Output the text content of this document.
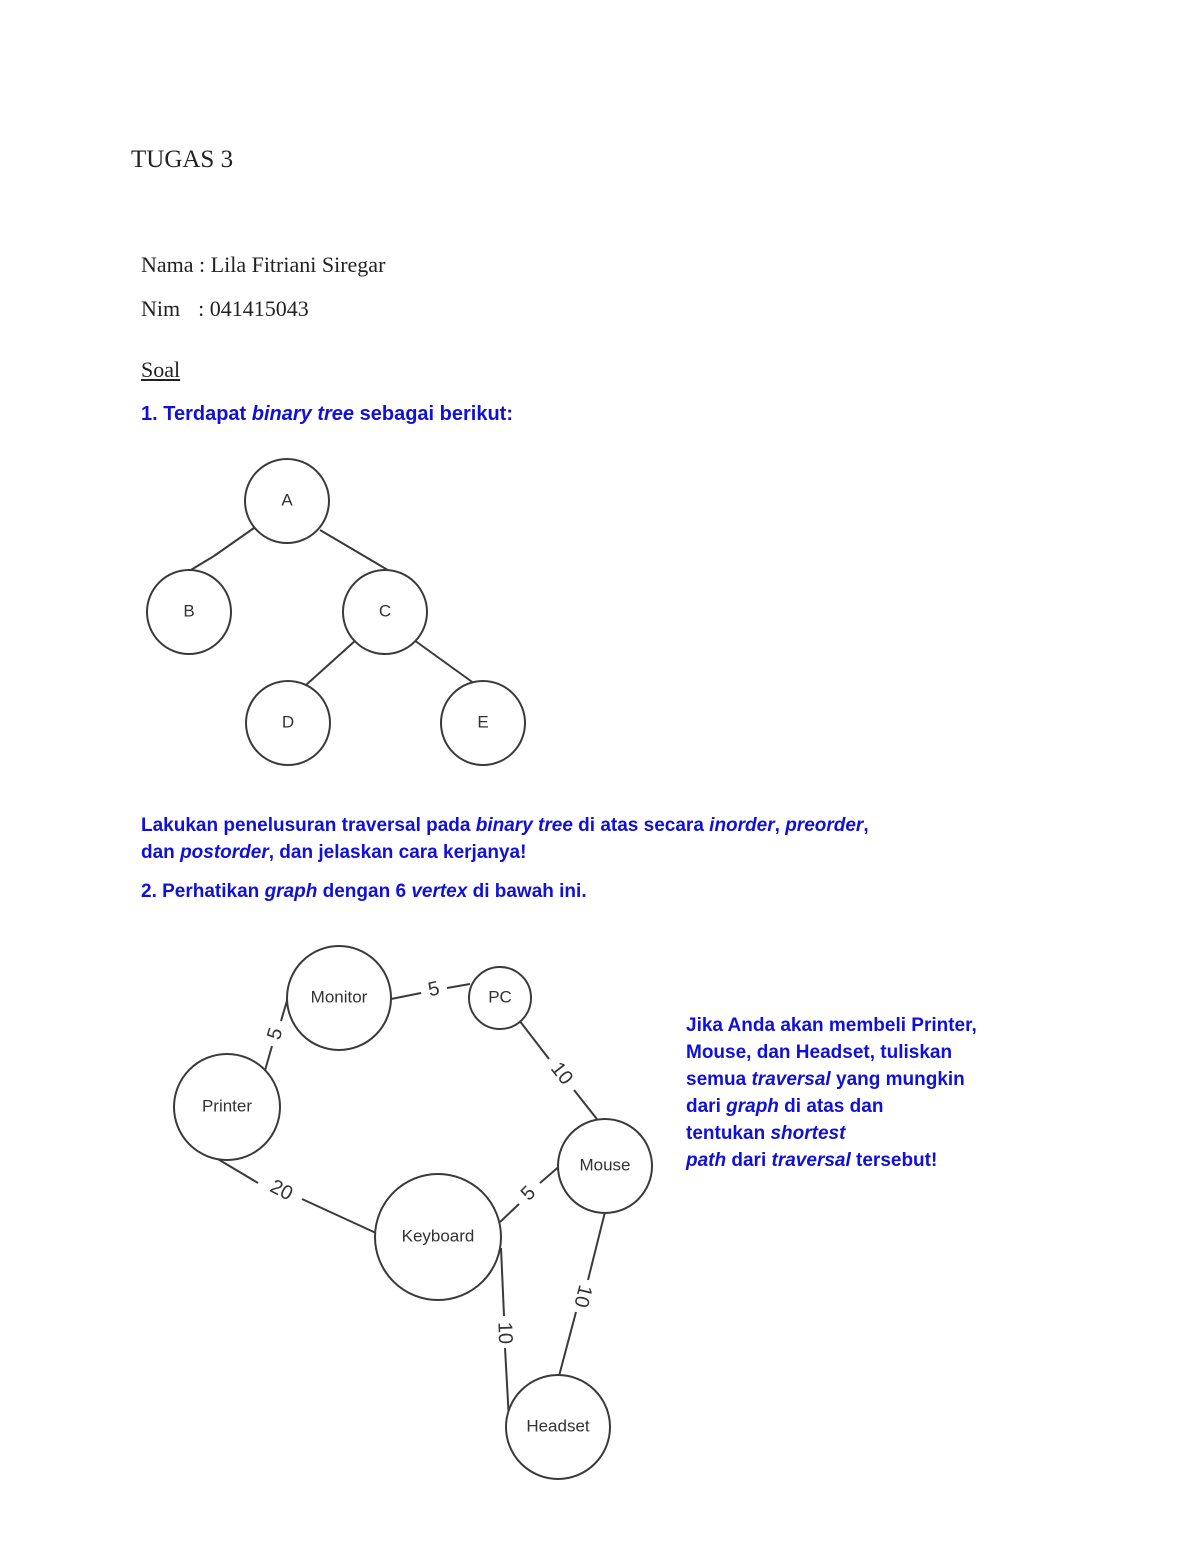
TUGAS 3
Nama : Lila Fitriani Siregar
Nim : 041415043
Soal
1. Terdapat binary tree sebagai berikut:
A
B	C
D	E
5
5
10
20	5
10
10
Monitor	PC
Printer
Mouse
Keyboard
Headset
Lakukan penelusuran traversal pada binary tree di atas secara inorder, preorder,
dan postorder, dan jelaskan cara kerjanya!
2. Perhatikan graph dengan 6 vertex di bawah ini.
Jika Anda akan membeli Printer,
Mouse, dan Headset, tuliskan
semua traversal yang mungkin
dari graph di atas dan
tentukan shortest
path dari traversal tersebut!
